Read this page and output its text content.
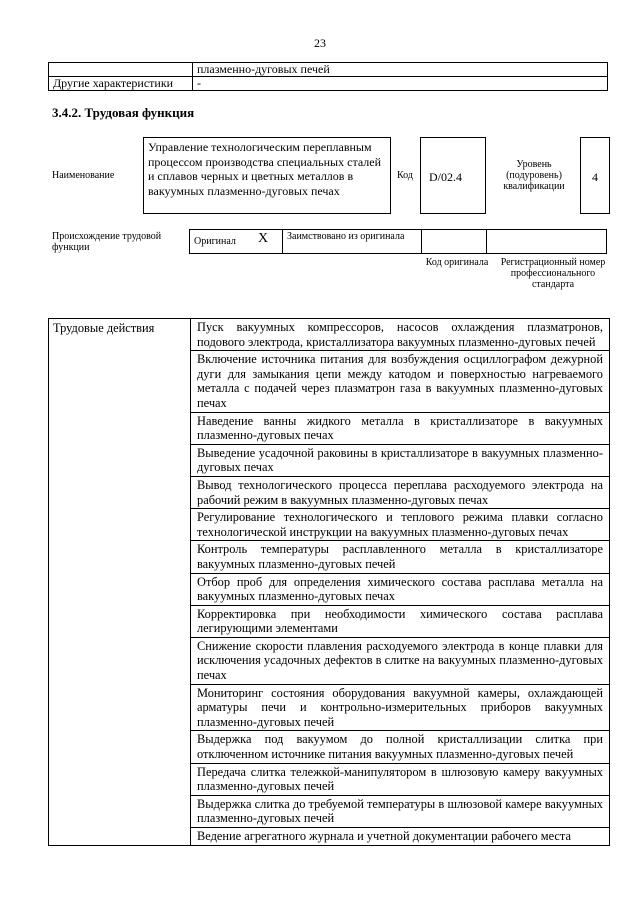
23
	плазменно-дуговых печей
Другие характеристики	-
3.4.2. Трудовая функция
Наименование
Управление технологическим переплавным процессом производства специальных сталей и сплавов черных и цветных металлов в вакуумных плазменно-дуговых печах
Код	D/02.4
Уровень (подуровень) квалификации
4
Происхождение трудовой функции
Оригинал X	Заимствовано из оригинала
Код оригинала	Регистрационный номер профессионального стандарта
Трудовые действия	Пуск вакуумных компрессоров, насосов охлаждения плазматронов, подового электрода, кристаллизатора вакуумных плазменно-дуговых печей
Включение источника питания для возбуждения осциллографом дежурной дуги для замыкания цепи между катодом и поверхностью нагреваемого металла с подачей через плазматрон газа в вакуумных плазменно-дуговых печах
Наведение ванны жидкого металла в кристаллизаторе в вакуумных плазменно-дуговых печах
Выведение усадочной раковины в кристаллизаторе в вакуумных плазменно-дуговых печах
Вывод технологического процесса переплава расходуемого электрода на рабочий режим в вакуумных плазменно-дуговых печах
Регулирование технологического и теплового режима плавки согласно технологической инструкции на вакуумных плазменно-дуговых печах
Контроль температуры расплавленного металла в кристаллизаторе вакуумных плазменно-дуговых печей
Отбор проб для определения химического состава расплава металла на вакуумных плазменно-дуговых печах
Корректировка при необходимости химического состава расплава легирующими элементами
Снижение скорости плавления расходуемого электрода в конце плавки для исключения усадочных дефектов в слитке на вакуумных плазменно-дуговых печах
Мониторинг состояния оборудования вакуумной камеры, охлаждающей арматуры печи и контрольно-измерительных приборов вакуумных плазменно-дуговых печей
Выдержка под вакуумом до полной кристаллизации слитка при отключенном источнике питания вакуумных плазменно-дуговых печей
Передача слитка тележкой-манипулятором в шлюзовую камеру вакуумных плазменно-дуговых печей
Выдержка слитка до требуемой температуры в шлюзовой камере вакуумных плазменно-дуговых печей
Ведение агрегатного журнала и учетной документации рабочего места
